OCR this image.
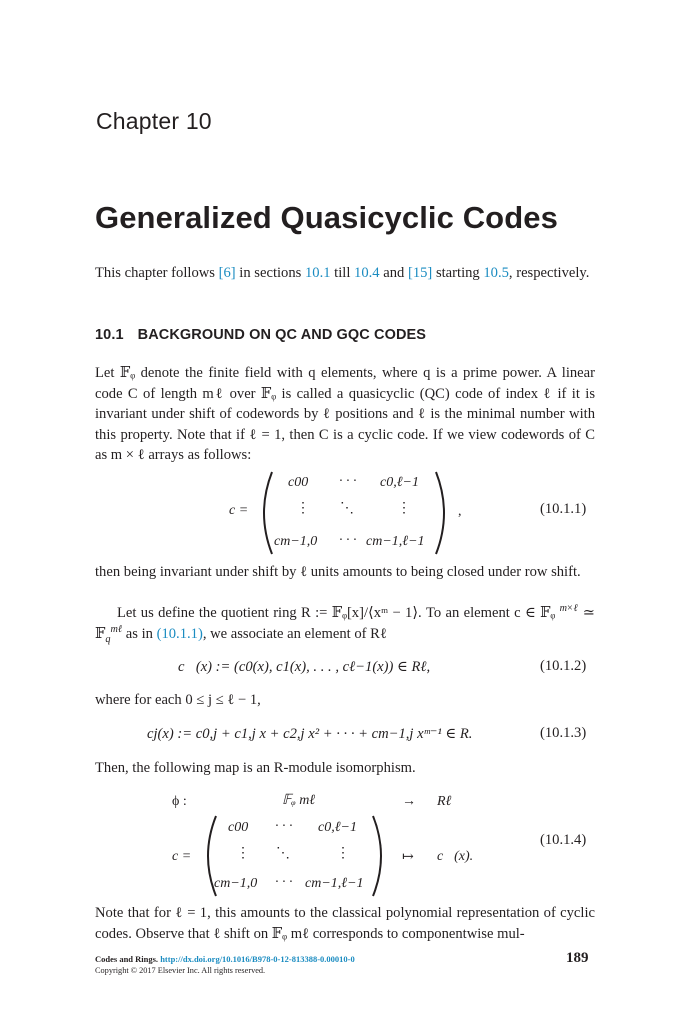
Chapter 10
Generalized Quasicyclic Codes
This chapter follows [6] in sections 10.1 till 10.4 and [15] starting 10.5, respectively.
10.1 BACKGROUND ON QC AND GQC CODES
Let 𝔽ᵩ denote the finite field with q elements, where q is a prime power. A linear code C of length mℓ over 𝔽ᵩ is called a quasicyclic (QC) code of index ℓ if it is invariant under shift of codewords by ℓ positions and ℓ is the minimal number with this property. Note that if ℓ = 1, then C is a cyclic code. If we view codewords of C as m × ℓ arrays as follows:
c =
c00 · · · c0,ℓ−1
⋮ ⋱	⋮
cm−1,0 · · · cm−1,ℓ−1
,	(10.1.1)
then being invariant under shift by ℓ units amounts to being closed under row shift.
Let us define the quotient ring R := 𝔽ᵩ[x]/⟨xᵐ − 1⟩. To an element c ∈ 𝔽ᵩ $^{m\times\ell}$ ≃ 𝔽$_q^{m\ell}$ as in (10.1.1), we associate an element of Rℓ
c⃗(x) := (c0(x), c1(x), . . . , cℓ−1(x)) ∈ Rℓ,	(10.1.2)
where for each 0 ≤ j ≤ ℓ − 1,
cj(x) := c0,j + c1,j x + c2,j x² + · · · + cm−1,j xᵐ⁻¹ ∈ R.	(10.1.3)
Then, the following map is an R-module isomorphism.
ϕ :	𝔽ᵩ mℓ	→ Rℓ
c =
c00 · · · c0,ℓ−1
⋮ ⋱	⋮
cm−1,0 · · · cm−1,ℓ−1
↦ c⃗(x).
(10.1.4)
Note that for ℓ = 1, this amounts to the classical polynomial representation of cyclic codes. Observe that ℓ shift on 𝔽ᵩ mℓ corresponds to componentwise mul-
Codes and Rings. http://dx.doi.org/10.1016/B978-0-12-813388-0.00010-0
Copyright © 2017 Elsevier Inc. All rights reserved.
189
